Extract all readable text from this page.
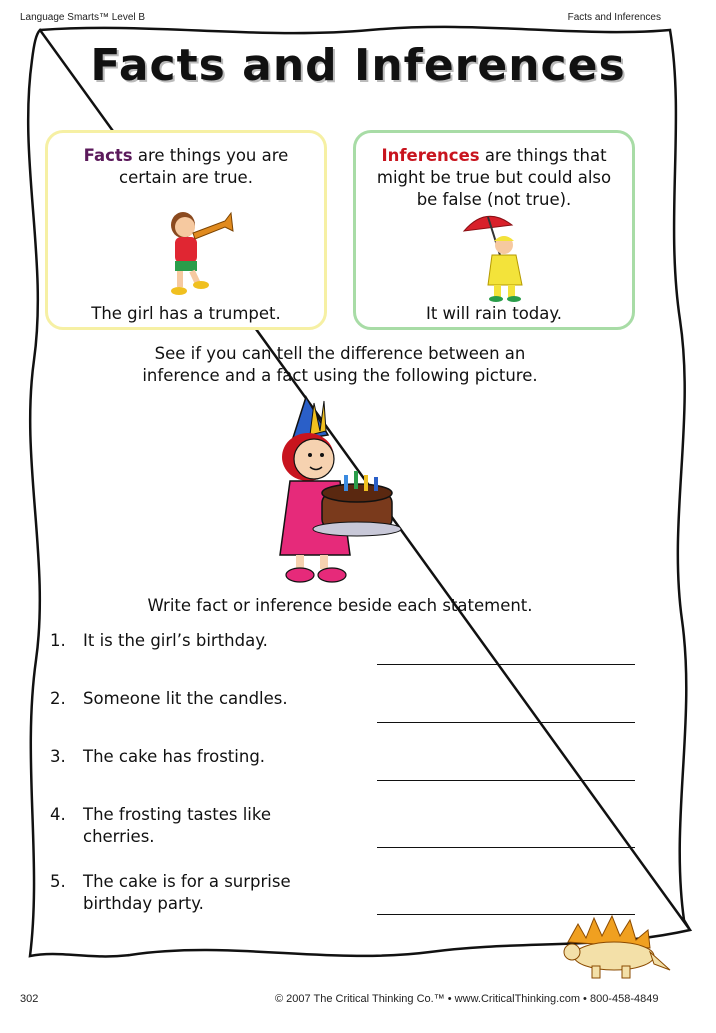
Language Smarts™ Level B	Facts and Inferences
Facts and Inferences
Facts are things you are certain are true.
The girl has a trumpet.
Inferences are things that might be true but could also be false (not true).
It will rain today.
See if you can tell the difference between an
inference and a fact using the following picture.
Write fact or inference beside each statement.
1. It is the girl’s birthday.
2. Someone lit the candles.
3. The cake has frosting.
4. The frosting tastes like
cherries.
5. The cake is for a surprise
birthday party.
302	© 2007 The Critical Thinking Co.™ • www.CriticalThinking.com • 800-458-4849
